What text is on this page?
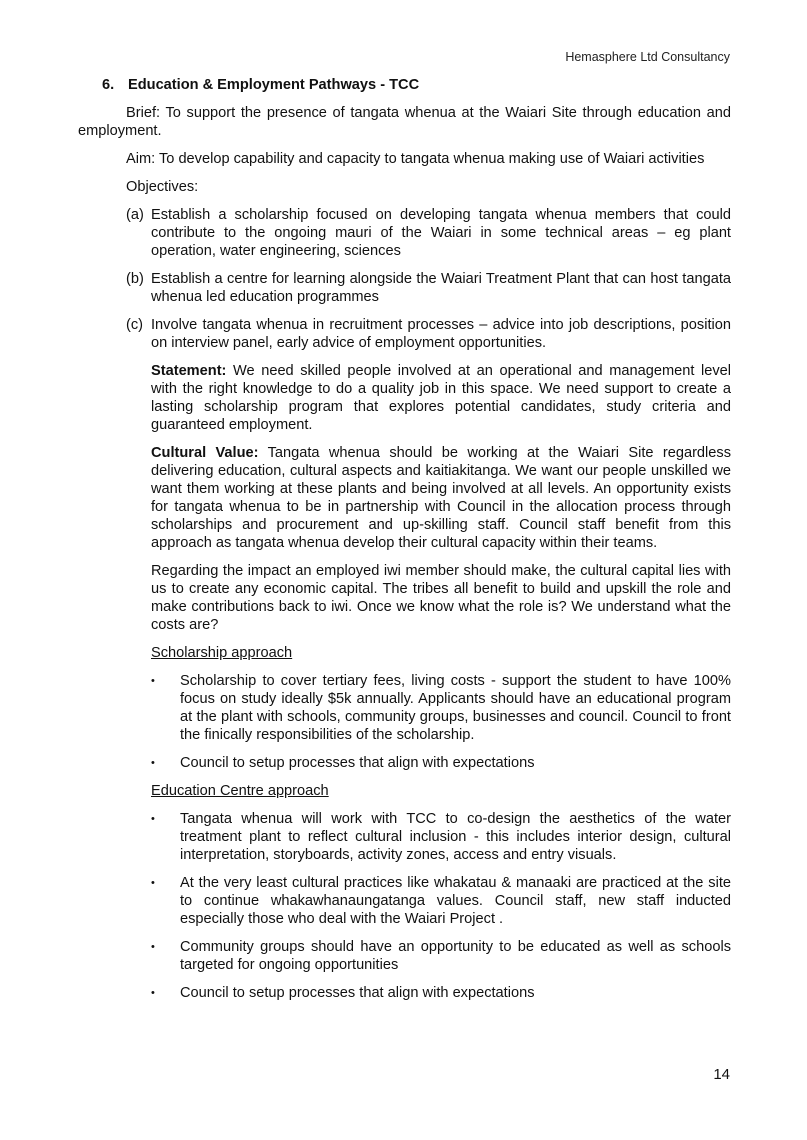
Hemasphere Ltd Consultancy
6. Education & Employment Pathways - TCC

Brief: To support the presence of tangata whenua at the Waiari Site through education and employment.

Aim: To develop capability and capacity to tangata whenua making use of Waiari activities

Objectives:

(a) Establish a scholarship focused on developing tangata whenua members that could contribute to the ongoing mauri of the Waiari in some technical areas – eg plant operation, water engineering, sciences
(b) Establish a centre for learning alongside the Waiari Treatment Plant that can host tangata whenua led education programmes
(c) Involve tangata whenua in recruitment processes – advice into job descriptions, position on interview panel, early advice of employment opportunities.

Statement: We need skilled people involved at an operational and management level with the right knowledge to do a quality job in this space. We need support to create a lasting scholarship program that explores potential candidates, study criteria and guaranteed employment.

Cultural Value: Tangata whenua should be working at the Waiari Site regardless delivering education, cultural aspects and kaitiakitanga. We want our people unskilled we want them working at these plants and being involved at all levels. An opportunity exists for tangata whenua to be in partnership with Council in the allocation process through scholarships and procurement and up-skilling staff. Council staff benefit from this approach as tangata whenua develop their cultural capacity within their teams.

Regarding the impact an employed iwi member should make, the cultural capital lies with us to create any economic capital. The tribes all benefit to build and upskill the role and make contributions back to iwi. Once we know what the role is? We understand what the costs are?

Scholarship approach

• Scholarship to cover tertiary fees, living costs - support the student to have 100% focus on study ideally $5k annually. Applicants should have an educational program at the plant with schools, community groups, businesses and council. Council to front the finically responsibilities of the scholarship.
• Council to setup processes that align with expectations

Education Centre approach

• Tangata whenua will work with TCC to co-design the aesthetics of the water treatment plant to reflect cultural inclusion - this includes interior design, cultural interpretation, storyboards, activity zones, access and entry visuals.
• At the very least cultural practices like whakatau & manaaki are practiced at the site to continue whakawhanaungatanga values. Council staff, new staff inducted especially those who deal with the Waiari Project .
• Community groups should have an opportunity to be educated as well as schools targeted for ongoing opportunities
• Council to setup processes that align with expectations
14
